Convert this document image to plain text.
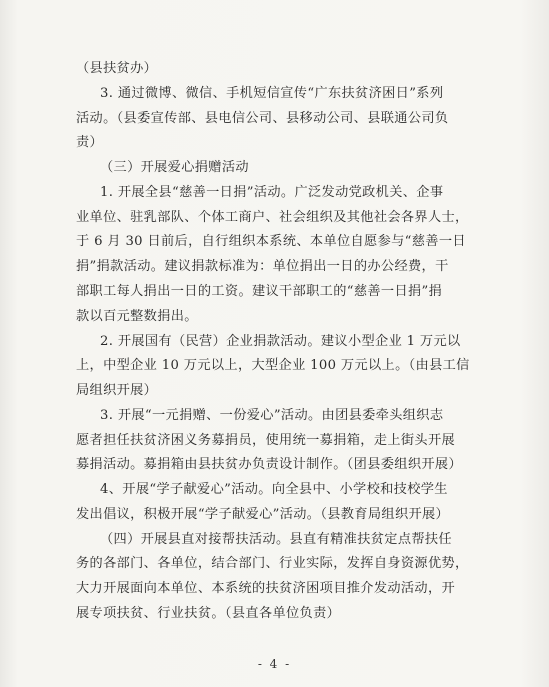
（县扶贫办）
3. 通过微博、微信、手机短信宣传“广东扶贫济困日”系列
活动。（县委宣传部、县电信公司、县移动公司、县联通公司负
责）
（三）开展爱心捐赠活动
1. 开展全县“慈善一日捐”活动。广泛发动党政机关、企事
业单位、驻乳部队、个体工商户、社会组织及其他社会各界人士，
于 6 月 30 日前后，自行组织本系统、本单位自愿参与“慈善一日
捐”捐款活动。建议捐款标准为：单位捐出一日的办公经费，干
部职工每人捐出一日的工资。建议干部职工的“慈善一日捐”捐
款以百元整数捐出。
2. 开展国有（民营）企业捐款活动。建议小型企业 1 万元以
上，中型企业 10 万元以上，大型企业 100 万元以上。（由县工信
局组织开展）
3. 开展“一元捐赠、一份爱心”活动。由团县委牵头组织志
愿者担任扶贫济困义务募捐员，使用统一募捐箱，走上街头开展
募捐活动。募捐箱由县扶贫办负责设计制作。（团县委组织开展）
4、开展“学子献爱心”活动。向全县中、小学校和技校学生
发出倡议，积极开展“学子献爱心”活动。（县教育局组织开展）
（四）开展县直对接帮扶活动。县直有精准扶贫定点帮扶任
务的各部门、各单位，结合部门、行业实际，发挥自身资源优势，
大力开展面向本单位、本系统的扶贫济困项目推介发动活动，开
展专项扶贫、行业扶贫。（县直各单位负责）
- 4 -
